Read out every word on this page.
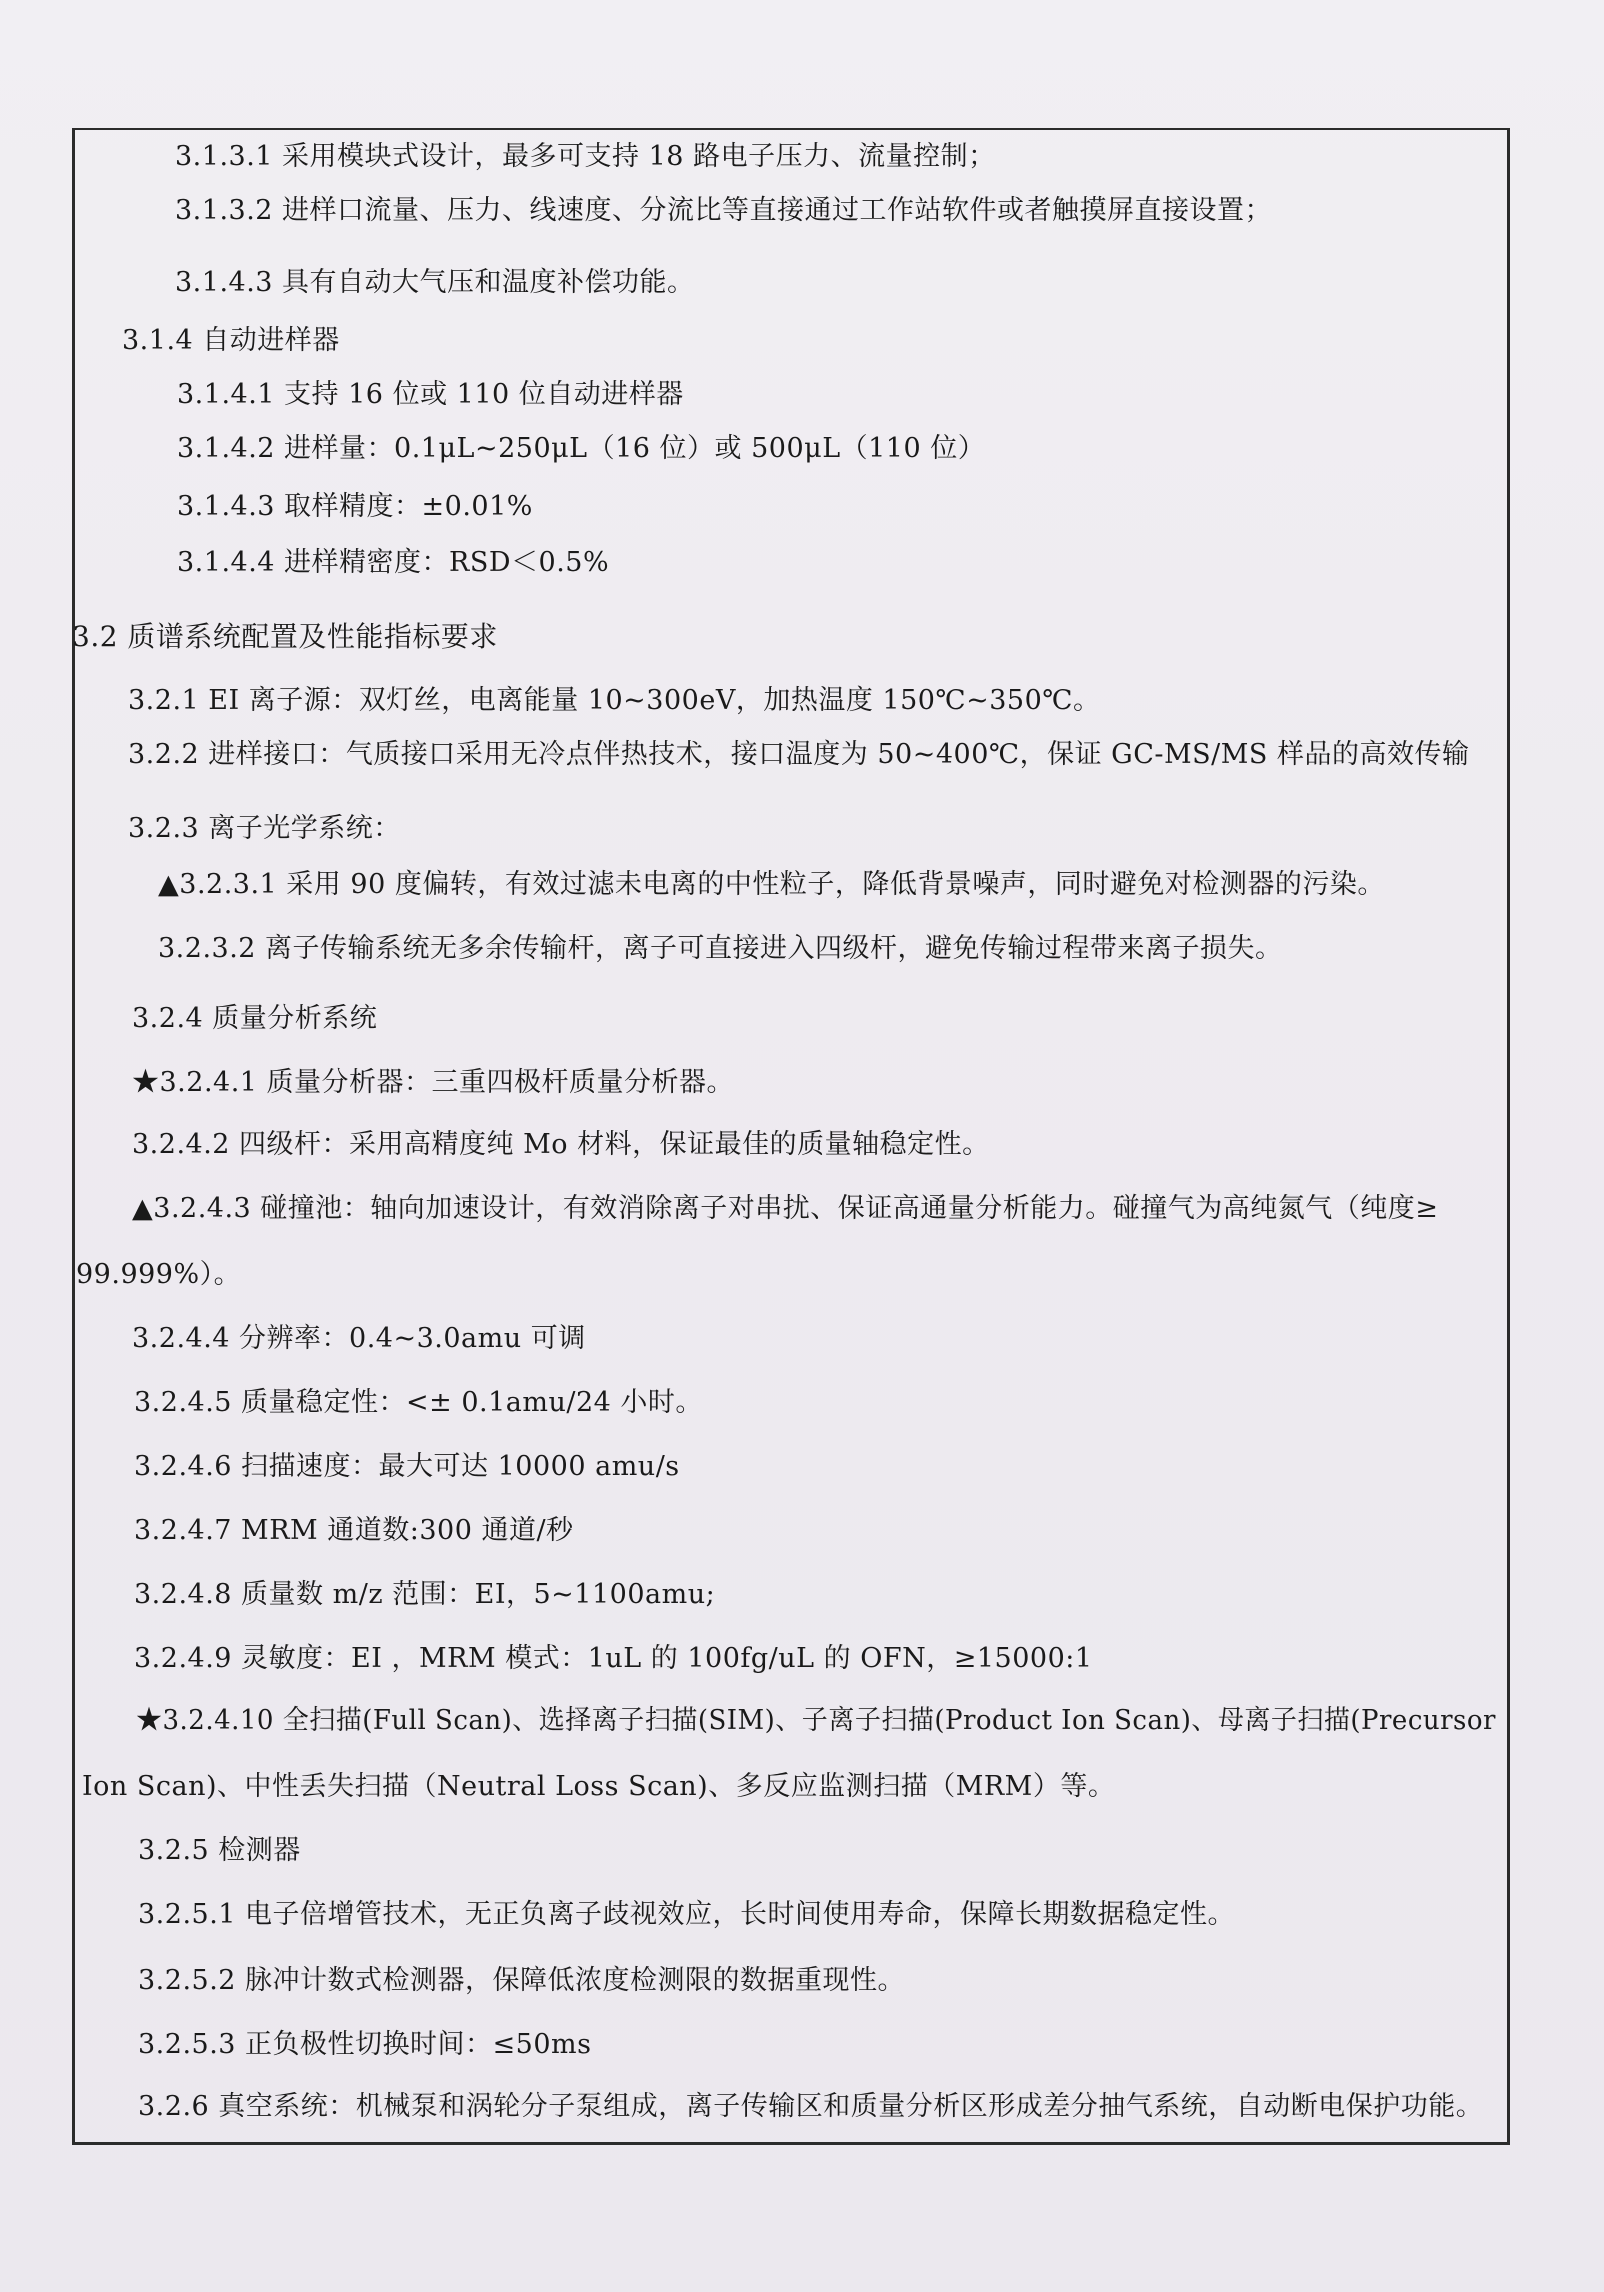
3.1.3.1 采用模块式设计，最多可支持 18 路电子压力、流量控制；
3.1.3.2 进样口流量、压力、线速度、分流比等直接通过工作站软件或者触摸屏直接设置；
3.1.4.3 具有自动大气压和温度补偿功能。
3.1.4 自动进样器
3.1.4.1 支持 16 位或 110 位自动进样器
3.1.4.2 进样量：0.1μL~250μL（16 位）或 500μL（110 位）
3.1.4.3 取样精度：±0.01%
3.1.4.4 进样精密度：RSD＜0.5%
3.2 质谱系统配置及性能指标要求
3.2.1 EI 离子源：双灯丝，电离能量 10~300eV，加热温度 150℃~350℃。
3.2.2 进样接口：气质接口采用无冷点伴热技术，接口温度为 50~400℃，保证 GC-MS/MS 样品的高效传输
3.2.3 离子光学系统：
▲3.2.3.1 采用 90 度偏转，有效过滤未电离的中性粒子，降低背景噪声，同时避免对检测器的污染。
3.2.3.2 离子传输系统无多余传输杆，离子可直接进入四级杆，避免传输过程带来离子损失。
3.2.4 质量分析系统
★3.2.4.1 质量分析器：三重四极杆质量分析器。
3.2.4.2 四级杆：采用高精度纯 Mo 材料，保证最佳的质量轴稳定性。
▲3.2.4.3 碰撞池：轴向加速设计，有效消除离子对串扰、保证高通量分析能力。碰撞气为高纯氮气（纯度≥
99.999%）。
3.2.4.4 分辨率：0.4~3.0amu 可调
3.2.4.5 质量稳定性：<± 0.1amu/24 小时。
3.2.4.6 扫描速度：最大可达 10000 amu/s
3.2.4.7 MRM 通道数:300 通道/秒
3.2.4.8 质量数 m/z 范围：EI，5~1100amu;
3.2.4.9 灵敏度：EI ，MRM 模式：1uL 的 100fg/uL 的 OFN，≥15000:1
★3.2.4.10 全扫描(Full Scan)、选择离子扫描(SIM)、子离子扫描(Product Ion Scan)、母离子扫描(Precursor
Ion Scan)、中性丢失扫描（Neutral Loss Scan)、多反应监测扫描（MRM）等。
3.2.5 检测器
3.2.5.1 电子倍增管技术，无正负离子歧视效应，长时间使用寿命，保障长期数据稳定性。
3.2.5.2 脉冲计数式检测器，保障低浓度检测限的数据重现性。
3.2.5.3 正负极性切换时间：≤50ms
3.2.6 真空系统：机械泵和涡轮分子泵组成，离子传输区和质量分析区形成差分抽气系统，自动断电保护功能。
